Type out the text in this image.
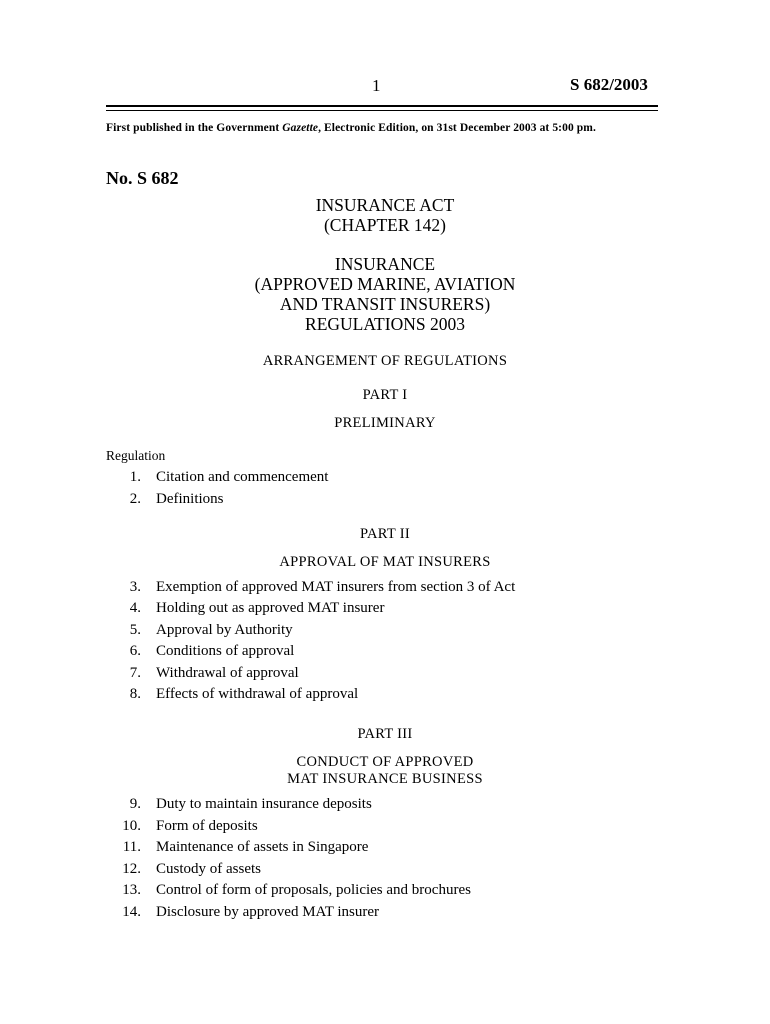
1	S 682/2003
First published in the Government Gazette, Electronic Edition, on 31st December 2003 at 5:00 pm.
No. S 682
INSURANCE ACT
(CHAPTER 142)
INSURANCE
(APPROVED MARINE, AVIATION
AND TRANSIT INSURERS)
REGULATIONS 2003
ARRANGEMENT OF REGULATIONS
PART I
PRELIMINARY
Regulation
1. Citation and commencement
2. Definitions
PART II
APPROVAL OF MAT INSURERS
3. Exemption of approved MAT insurers from section 3 of Act
4. Holding out as approved MAT insurer
5. Approval by Authority
6. Conditions of approval
7. Withdrawal of approval
8. Effects of withdrawal of approval
PART III
CONDUCT OF APPROVED
MAT INSURANCE BUSINESS
9. Duty to maintain insurance deposits
10. Form of deposits
11. Maintenance of assets in Singapore
12. Custody of assets
13. Control of form of proposals, policies and brochures
14. Disclosure by approved MAT insurer
